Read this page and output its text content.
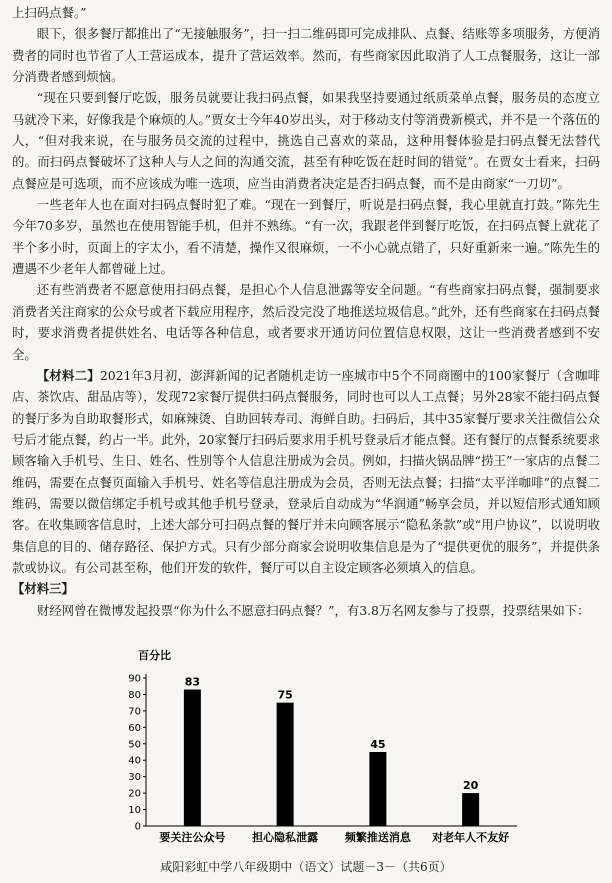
上扫码点餐。”

眼下，很多餐厅都推出了“无接触服务”，扫一扫二维码即可完成排队、点餐、结账等多项服务，方便消费者的同时也节省了人工营运成本，提升了营运效率。然而，有些商家因此取消了人工点餐服务，这让一部分消费者感到烦恼。

“现在只要到餐厅吃饭，服务员就要让我扫码点餐，如果我坚持要通过纸质菜单点餐，服务员的态度立马就冷下来，好像我是个麻烦的人。”贾女士今年40岁出头，对于移动支付等消费新模式，并不是一个落伍的人，“但对我来说，在与服务员交流的过程中，挑选自己喜欢的菜品，这种用餐体验是扫码点餐无法替代的。而扫码点餐破坏了这种人与人之间的沟通交流，甚至有种吃饭在赶时间的错觉”。在贾女士看来，扫码点餐应是可选项，而不应该成为唯一选项，应当由消费者决定是否扫码点餐，而不是由商家“一刀切”。

一些老年人也在面对扫码点餐时犯了难。“现在一到餐厅，听说是扫码点餐，我心里就直打鼓。”陈先生今年70多岁，虽然也在使用智能手机，但并不熟练。“有一次，我跟老伴到餐厅吃饭，在扫码点餐上就花了半个多小时，页面上的字太小，看不清楚，操作又很麻烦，一不小心就点错了，只好重新来一遍。”陈先生的遭遇不少老年人都曾碰上过。

还有些消费者不愿意使用扫码点餐，是担心个人信息泄露等安全问题。“有些商家扫码点餐，强制要求消费者关注商家的公众号或者下载应用程序，然后没完没了地推送垃圾信息。”此外，还有些商家在扫码点餐时，要求消费者提供姓名、电话等各种信息，或者要求开通访问位置信息权限，这让一些消费者感到不安全。

【材料二】2021年3月初，澎湃新闻的记者随机走访一座城市中5个不同商圈中的100家餐厅（含咖啡店、茶饮店、甜品店等），发现72家餐厅提供扫码点餐服务，同时也可以人工点餐；另外28家不能扫码点餐的餐厅多为自助取餐形式，如麻辣烫、自助回转寿司、海鲜自助。扫码后，其中35家餐厅要求关注微信公众号后才能点餐，约占一半。此外，20家餐厅扫码后要求用手机号登录后才能点餐。还有餐厅的点餐系统要求顾客输入手机号、生日、姓名、性别等个人信息注册成为会员。例如，扫描火锅品牌“捞王”一家店的点餐二维码，需要在点餐页面输入手机号、姓名等信息注册成为会员，否则无法点餐；扫描“太平洋咖啡”的点餐二维码，需要以微信绑定手机号或其他手机号登录，登录后自动成为“华润通”畅享会员，并以短信形式通知顾客。在收集顾客信息时，上述大部分可扫码点餐的餐厅并未向顾客展示“隐私条款”或“用户协议”，以说明收集信息的目的、储存路径、保护方式。只有少部分商家会说明收集信息是为了“提供更优的服务”，并提供条款或协议。有公司甚至称，他们开发的软件，餐厅可以自主设定顾客必须填入的信息。

【材料三】

财经网曾在微博发起投票“你为什么不愿意扫码点餐？”，有3.8万名网友参与了投票，投票结果如下：

百分比
0
10
20
30
40
50
60
70
80
90	83
75
45
20
要关注公众号 担心隐私泄露 频繁推送消息 对老年人不友好
咸阳彩虹中学八年级期中（语文）试题－3－（共6页）
